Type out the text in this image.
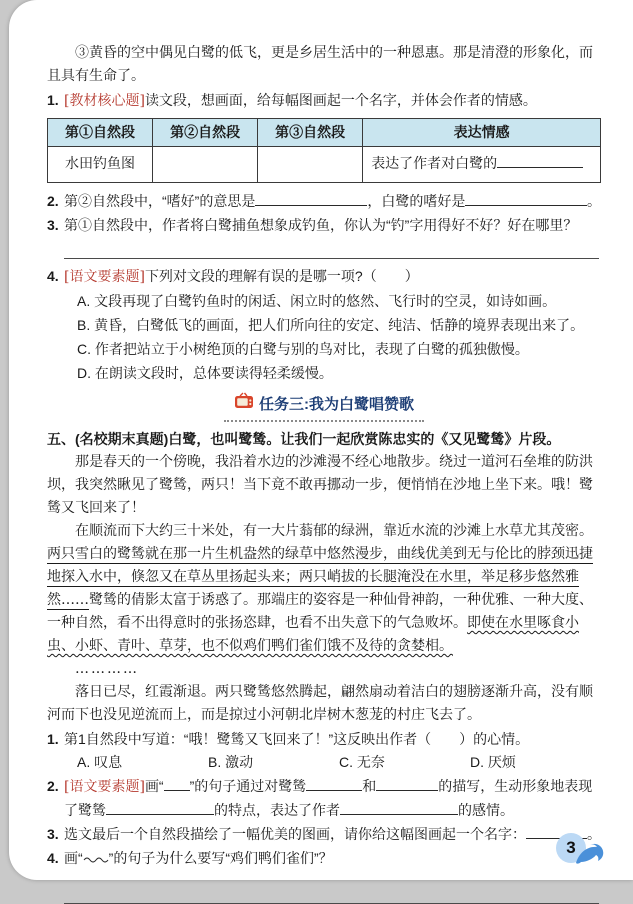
③黄昏的空中偶见白鹭的低飞，更是乡居生活中的一种恩惠。那是清澄的形象化，而且具有生命了。

1. [教材核心题]读文段，想画面，给每幅图画起一个名字，并体会作者的情感。
第①自然段	第②自然段	第③自然段	表达情感
水田钓鱼图			表达了作者对白鹭的
2. 第②自然段中，“嗜好”的意思是	，白鹭的嗜好是	。
3. 第①自然段中，作者将白鹭捕鱼想象成钓鱼，你认为“钓”字用得好不好？好在哪里？
4. [语文要素题]下列对文段的理解有误的是哪一项?（　　）
A. 文段再现了白鹭钓鱼时的闲适、闲立时的悠然、飞行时的空灵，如诗如画。
B. 黄昏，白鹭低飞的画面，把人们所向往的安定、纯洁、恬静的境界表现出来了。
C. 作者把站立于小树绝顶的白鹭与别的鸟对比，表现了白鹭的孤独傲慢。
D. 在朗读文段时，总体要读得轻柔缓慢。
任务三:我为白鹭唱赞歌
五、(名校期末真题)白鹭，也叫鹭鸶。让我们一起欣赏陈忠实的《又见鹭鸶》片段。

那是春天的一个傍晚，我沿着水边的沙滩漫不经心地散步。绕过一道河石垒堆的防洪坝，我突然瞅见了鹭鸶，两只！当下竟不敢再挪动一步，便悄悄在沙地上坐下来。哦！鹭鸶又飞回来了！

在顺流而下大约三十米处，有一大片蓊郁的绿洲，靠近水流的沙滩上水草尤其茂密。两只雪白的鹭鸶就在那一片生机盎然的绿草中悠然漫步，曲线优美到无与伦比的脖颈迅捷地探入水中，倏忽又在草丛里扬起头来；两只峭拔的长腿淹没在水里，举足移步悠然雅然……鹭鸶的倩影太富于诱惑了。那端庄的姿容是一种仙骨神韵，一种优雅、一种大度、一种自然，看不出得意时的张扬恣肆，也看不出失意下的气急败坏。即使在水里啄食小虫、小虾、青叶、草芽，也不似鸡们鸭们雀们饿不及待的贪婪相。

…………

落日已尽，红霞渐退。两只鹭鸶悠然腾起，翩然扇动着洁白的翅膀逐渐升高，没有顺河而下也没见逆流而上，而是掠过小河朝北岸树木葱茏的村庄飞去了。

1. 第1自然段中写道：“哦！鹭鸶又飞回来了！”这反映出作者（　　）的心情。
A. 叹息	B. 激动	C. 无奈	D. 厌烦
2. [语文要素题]画“ ”的句子通过对鹭鸶	和	的描写，生动形象地表现了鹭鸶	的特点，表达了作者	的感情。
3. 选文最后一个自然段描绘了一幅优美的图画，请你给这幅图画起一个名字：	。
4. 画“ ”的句子为什么要写“鸡们鸭们雀们”？
3
